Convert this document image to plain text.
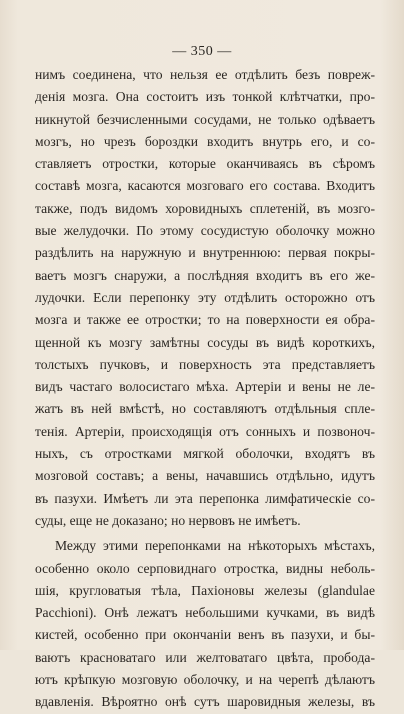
— 350 —
нимъ соединена, что нельзя ее отдѣлить безъ повреж-
денія мозга. Она состоитъ изъ тонкой клѣтчатки, про-
никнутой безчисленными сосудами, не только одѣваетъ
мозгъ, но чрезъ бороздки входитъ внутрь его, и со-
ставляетъ отростки, которые оканчиваясь въ сѣромъ
составѣ мозга, касаются мозговаго его состава. Входитъ
также, подъ видомъ хоровидныхъ сплетеній, въ мозго-
вые желудочки. По этому сосудистую оболочку можно
раздѣлить на наружную и внутреннюю: первая покры-
ваетъ мозгъ снаружи, а послѣдняя входитъ въ его же-
лудочки. Если перепонку эту отдѣлить осторожно отъ
мозга и также ее отростки; то на поверхности ея обра-
щенной къ мозгу замѣтны сосуды въ видѣ короткихъ,
толстыхъ пучковъ, и поверхность эта представляетъ
видъ частаго волосистаго мѣха. Артеріи и вены не ле-
жатъ въ ней вмѣстѣ, но составляютъ отдѣльныя сплe-
тенія. Артеріи, происходящія отъ сонныхъ и позвоноч-
ныхъ, съ отростками мягкой оболочки, входятъ въ
мозговой составъ; а вены, начавшись отдѣльно, идутъ
въ пазухи. Имѣетъ ли эта перепонка лимфатическіе со-
суды, еще не доказано; но нервовъ не имѣетъ.
Между этими перепонками на нѣкоторыхъ мѣстахъ,
особенно около серповиднаго отростка, видны неболь-
шія, кругловатыя тѣла, Пахіоновы железы (glandulae
Pacchioni). Онѣ лежатъ небольшими кучками, въ видѣ
кистей, особенно при окончаніи венъ въ пазухи, и бы-
ваютъ красноватаго или желтоватаго цвѣта, пробода-
ютъ крѣпкую мозговую оболочку, и на черепѣ дѣлаютъ
вдавленія. Вѣроятно онѣ сутъ шаровидныя железы, въ
